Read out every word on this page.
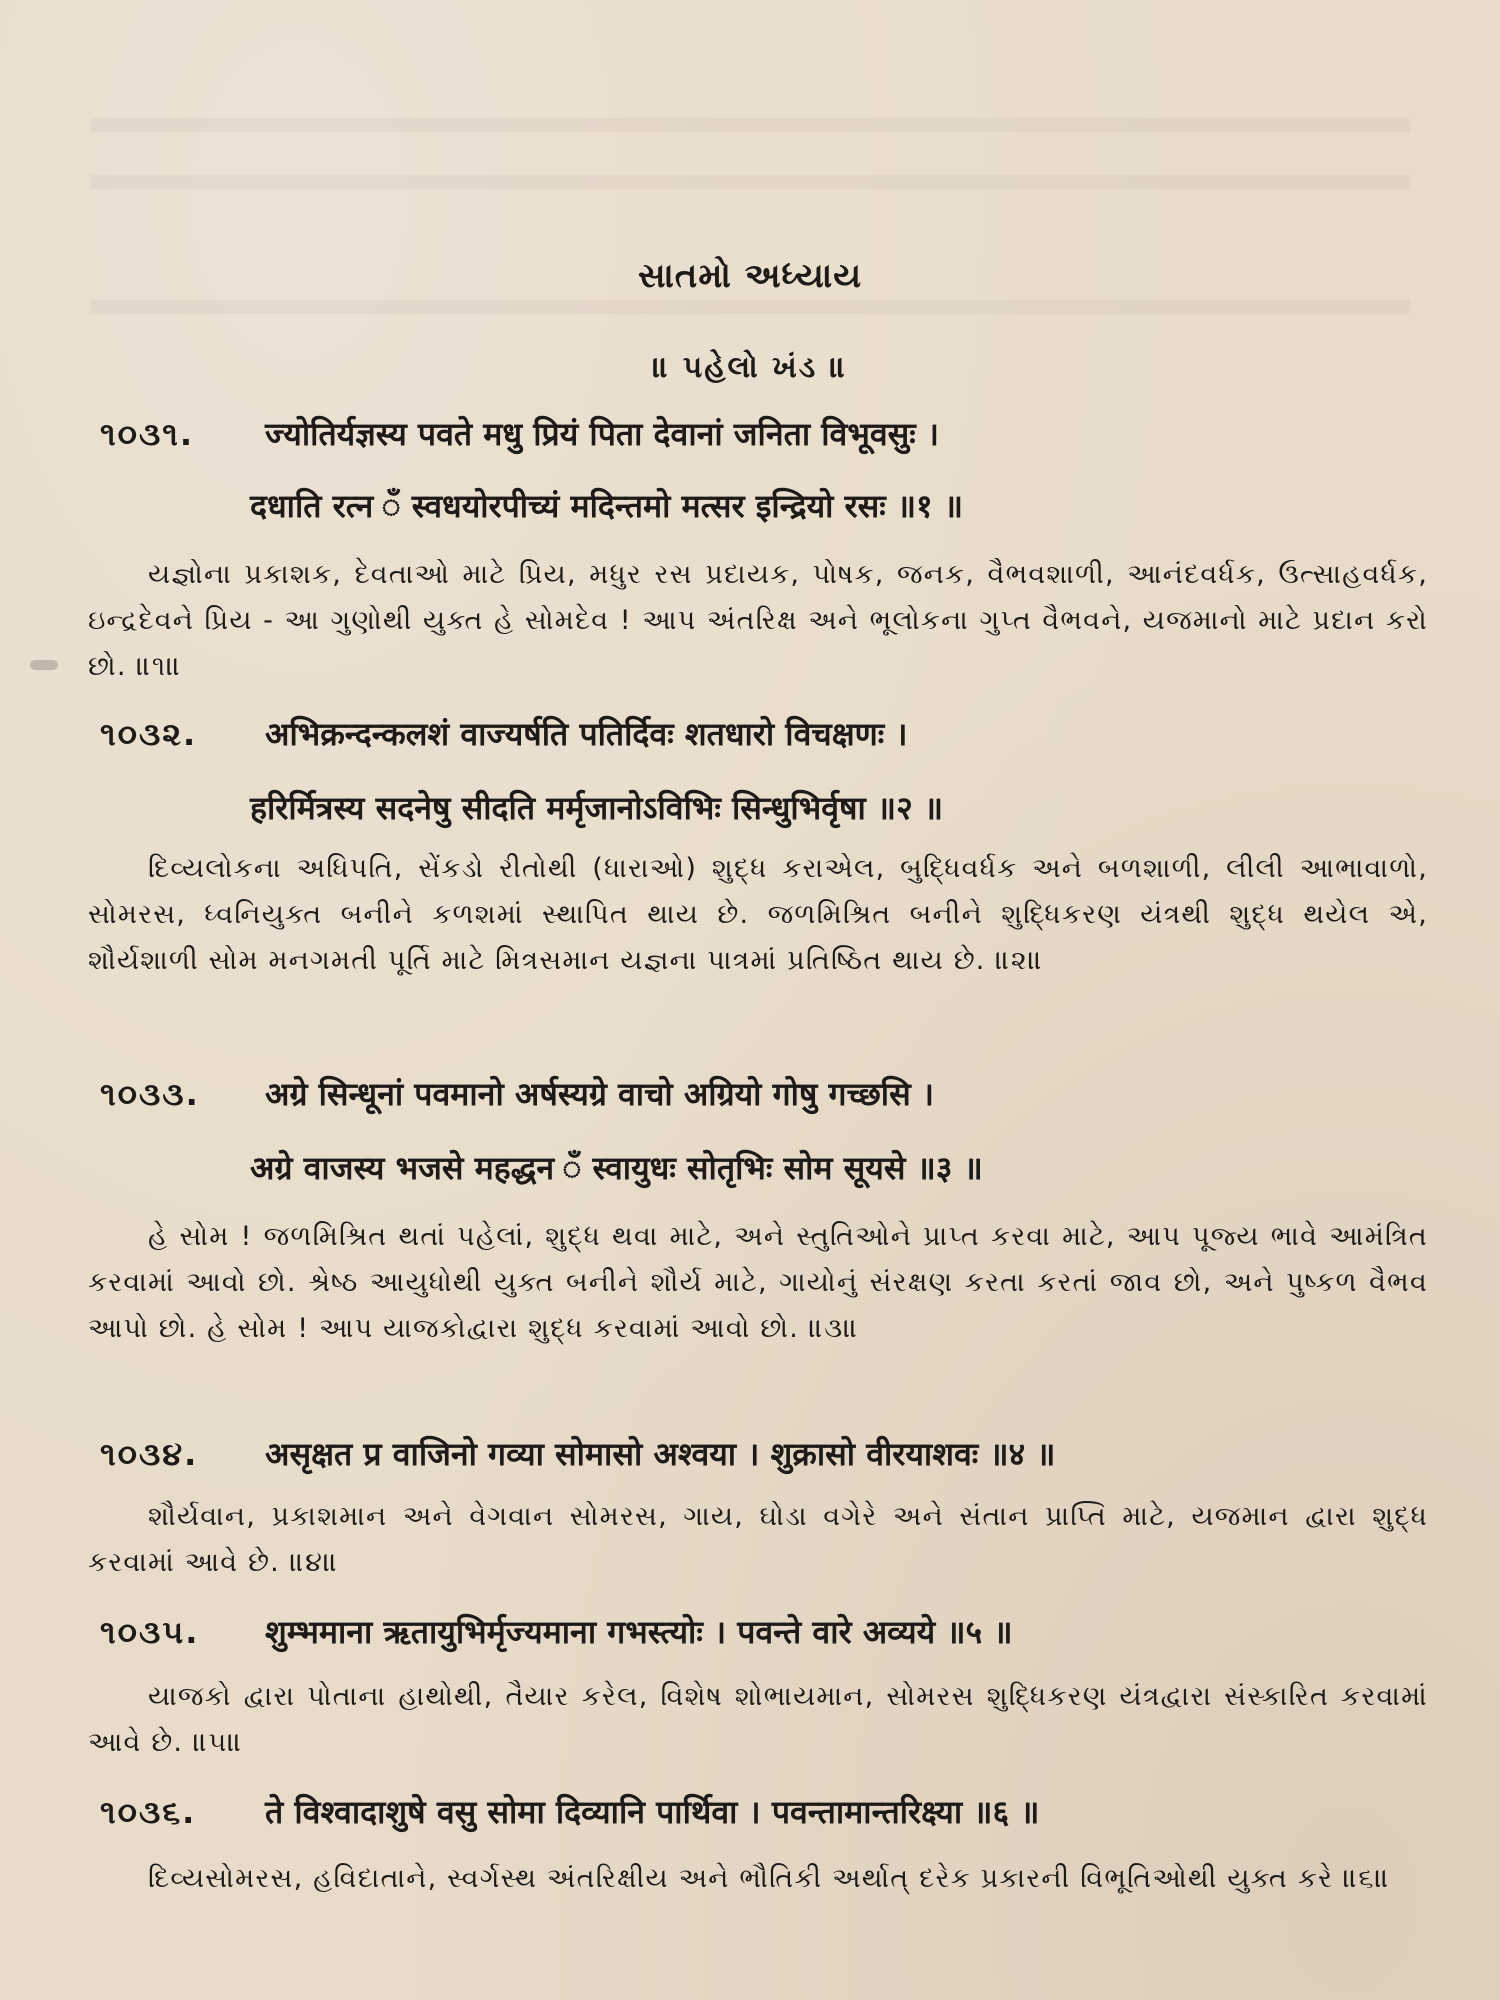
સાતમો અધ્યાય
॥ પહેલો ખંડ ॥
૧૦૩૧. ज्योतिर्यज्ञस्य पवते मधु प्रियं पिता देवानां जनिता विभूवसुः ।
दधाति रत्न ँ स्वधयोरपीच्यं मदिन्तमो मत्सर इन्द्रियो रसः ॥१ ॥
યજ્ઞોના પ્રકાશક, દેવતાઓ માટે પ્રિય, મધુર રસ પ્રદાયક, પોષક, જનક, વૈભવશાળી, આનંદવર્ધક, ઉત્સાહવર્ધક, ઇન્દ્રદેવને પ્રિય - આ ગુણોથી યુક્ત હે સોમદેવ ! આપ અંતરિક્ષ અને ભૂલોકના ગુપ્ત વૈભવને, યજમાનો માટે પ્રદાન કરો છો. ॥૧॥
૧૦૩૨. अभिक्रन्दन्कलशं वाज्यर्षति पतिर्दिवः शतधारो विचक्षणः ।
हरिर्मित्रस्य सदनेषु सीदति मर्मृजानोऽविभिः सिन्धुभिर्वृषा ॥२ ॥
દિવ્યલોકના અધિપતિ, સેંકડો રીતોથી (ધારાઓ) શુદ્ધ કરાએલ, બુદ્ધિવર્ધક અને બળશાળી, લીલી આભાવાળો, સોમરસ, ધ્વનિયુક્ત બનીને કળશમાં સ્થાપિત થાય છે. જળમિશ્રિત બનીને શુદ્ધિકરણ યંત્રથી શુદ્ધ થયેલ એ, શૌર્યશાળી સોમ મનગમતી પૂર્તિ માટે મિત્રસમાન યજ્ઞના પાત્રમાં પ્રતિષ્ઠિત થાય છે. ॥૨॥
૧૦૩૩. अग्रे सिन्धूनां पवमानो अर्षस्यग्रे वाचो अग्रियो गोषु गच्छसि ।
अग्रे वाजस्य भजसे महद्धन ँ स्वायुधः सोतृभिः सोम सूयसे ॥३ ॥
હે સોમ ! જળમિશ્રિત થતાં પહેલાં, શુદ્ધ થવા માટે, અને સ્તુતિઓને પ્રાપ્ત કરવા માટે, આપ પૂજ્ય ભાવે આમંત્રિત કરવામાં આવો છો. શ્રેષ્ઠ આયુધોથી યુક્ત બનીને શૌર્ય માટે, ગાયોનું સંરક્ષણ કરતા કરતાં જાવ છો, અને પુષ્કળ વૈભવ આપો છો. હે સોમ ! આપ યાજકોદ્વારા શુદ્ધ કરવામાં આવો છો. ॥૩॥
૧૦૩૪. असृक्षत प्र वाजिनो गव्या सोमासो अश्वया । शुक्रासो वीरयाशवः ॥४ ॥
શૌર્યવાન, પ્રકાશમાન અને વેગવાન સોમરસ, ગાય, ઘોડા વગેરે અને સંતાન પ્રાપ્તિ માટે, યજમાન દ્વારા શુદ્ધ કરવામાં આવે છે. ॥૪॥
૧૦૩૫. शुम्भमाना ऋतायुभिर्मृज्यमाना गभस्त्योः । पवन्ते वारे अव्यये ॥५ ॥
યાજકો દ્વારા પોતાના હાથોથી, તૈયાર કરેલ, વિશેષ શોભાયમાન, સોમરસ શુદ્ધિકરણ યંત્રદ્વારા સંસ્કારિત કરવામાં આવે છે. ॥૫॥
૧૦૩૬. ते विश्वादाशुषे वसु सोमा दिव्यानि पार्थिवा । पवन्तामान्तरिक्ष्या ॥६ ॥
દિવ્યસોમરસ, હવિદાતાને, સ્વર્ગસ્થ અંતરિક્ષીય અને ભૌતિકી અર્થાત્ દરેક પ્રકારની વિભૂતિઓથી યુક્ત કરે ॥૬॥
